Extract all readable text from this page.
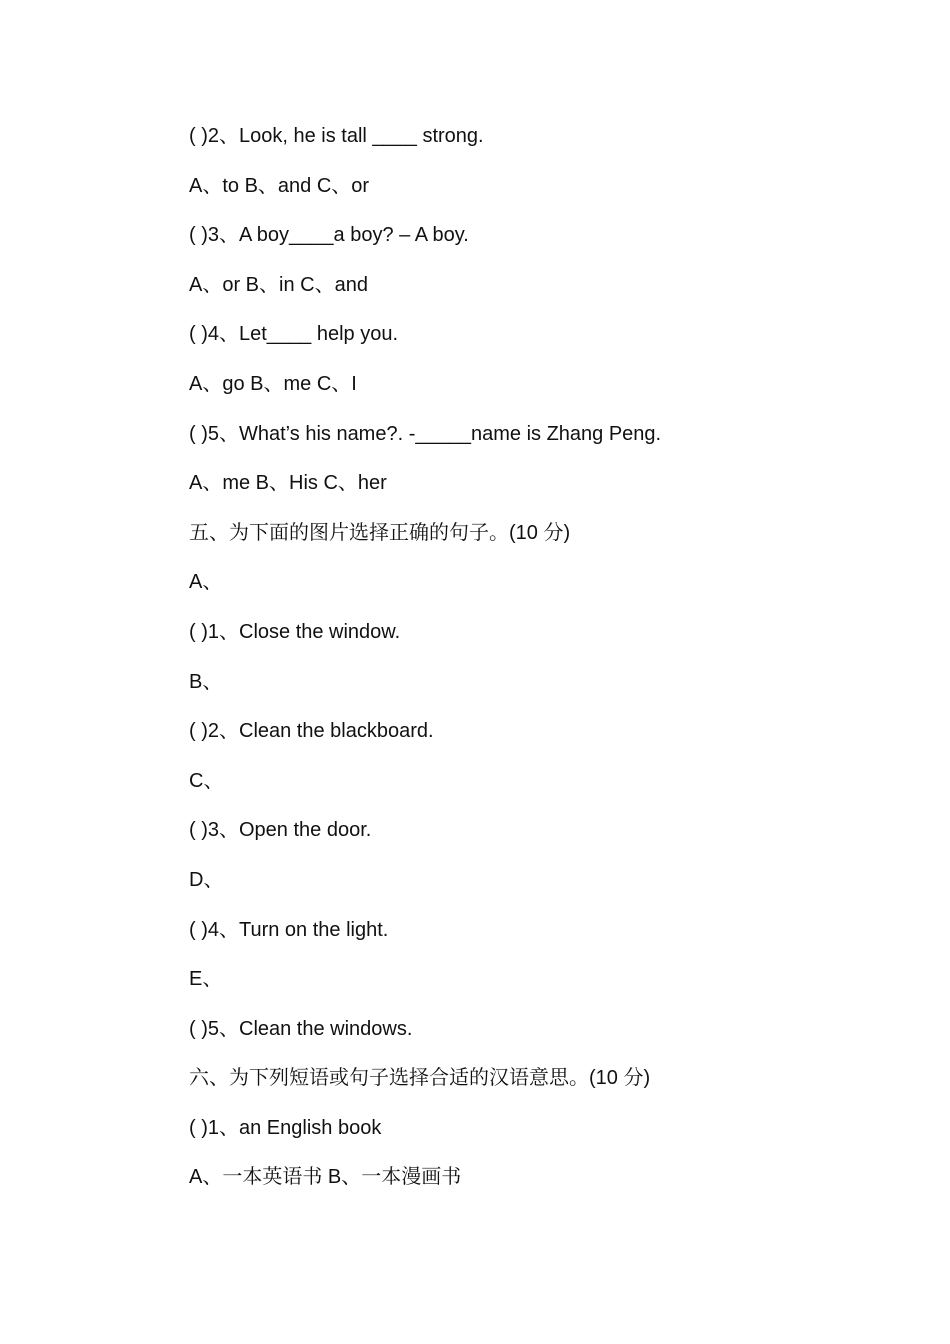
( )2、Look, he is tall ____ strong.
A、to B、and C、or
( )3、A boy____a boy? – A boy.
A、or B、in C、and
( )4、Let____ help you.
A、go B、me C、I
( )5、What’s his name?. -_____name is Zhang Peng.
A、me B、His C、her
五、为下面的图片选择正确的句子。(10 分)
A、
( )1、Close the window.
B、
( )2、Clean the blackboard.
C、
( )3、Open the door.
D、
( )4、Turn on the light.
E、
( )5、Clean the windows.
六、为下列短语或句子选择合适的汉语意思。(10 分)
( )1、an English book
A、一本英语书 B、一本漫画书
